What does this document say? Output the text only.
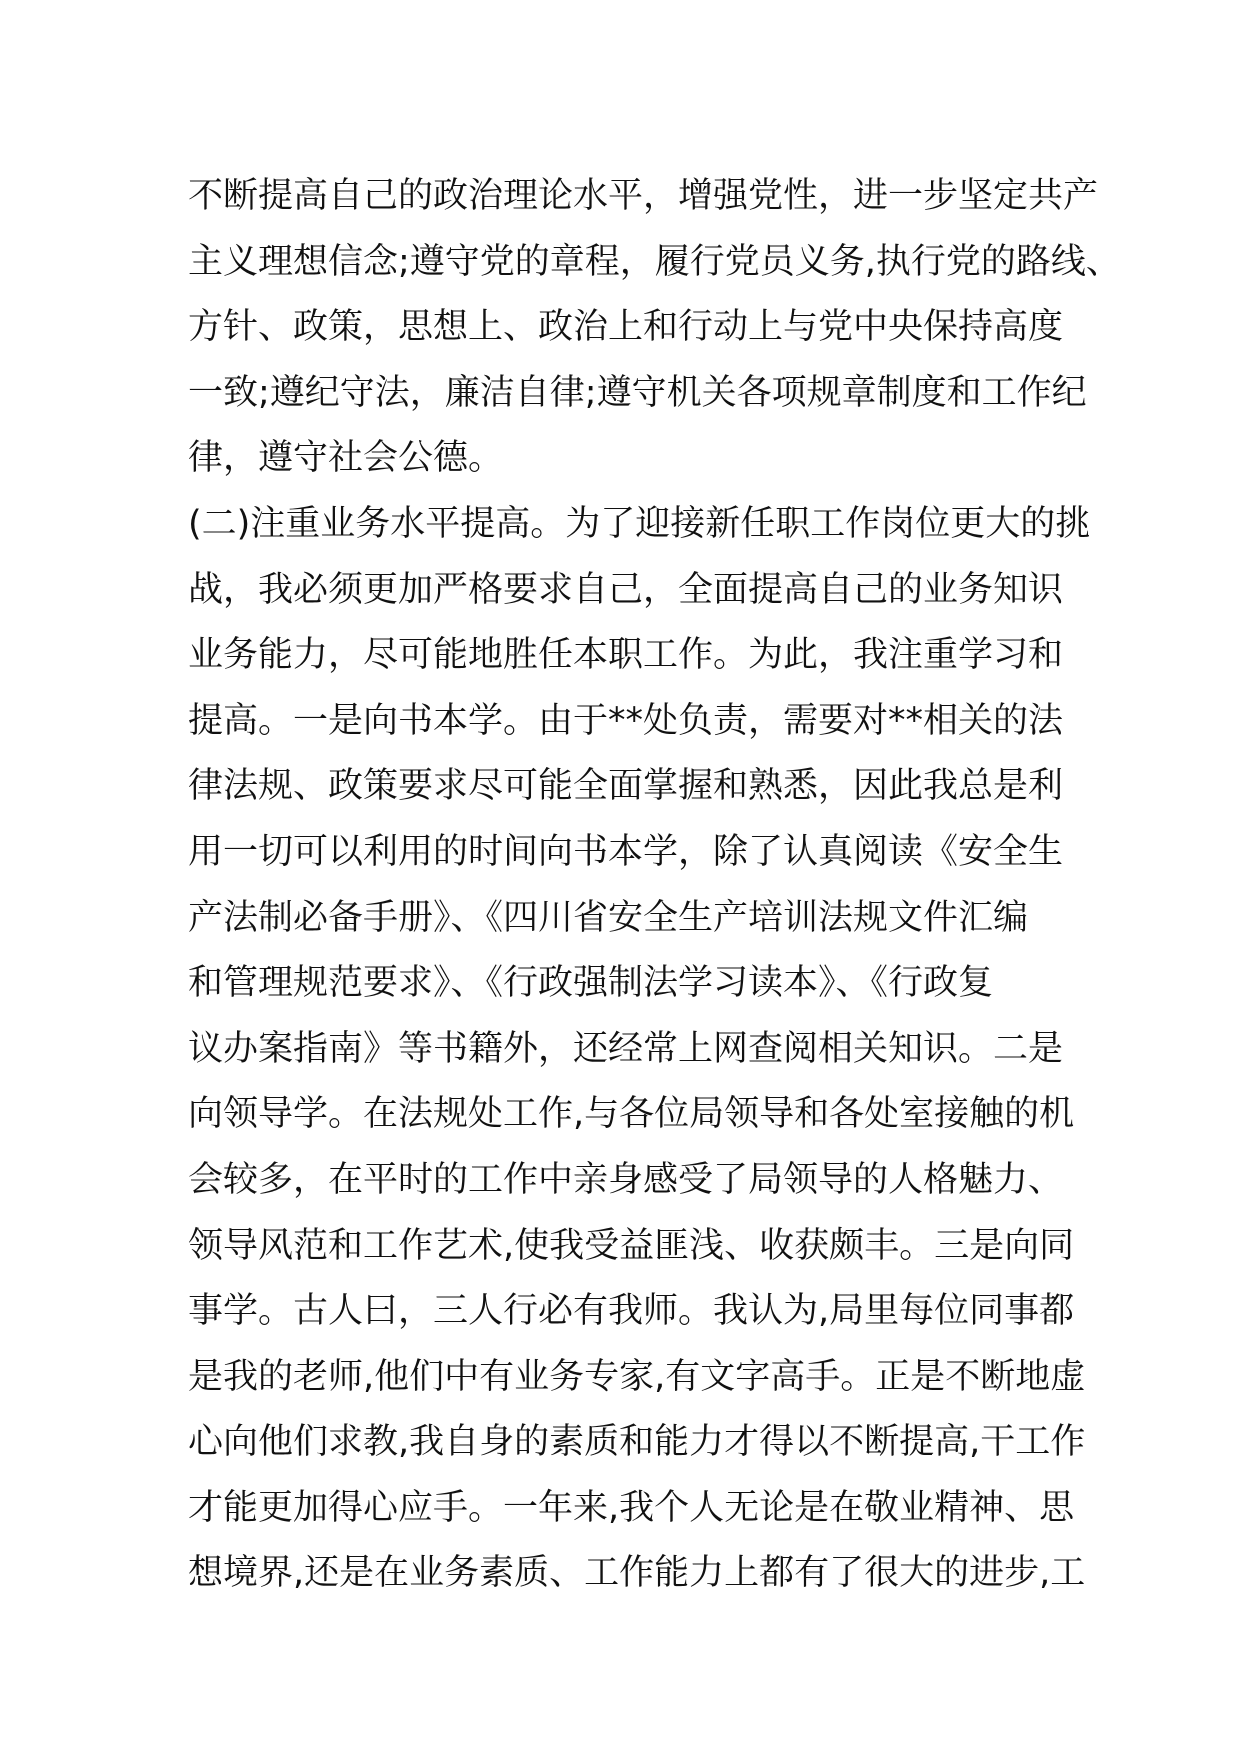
不断提高自己的政治理论水平，增强党性，进一步坚定共产
主义理想信念;遵守党的章程，履行党员义务,执行党的路线、
方针、政策，思想上、政治上和行动上与党中央保持高度
一致;遵纪守法，廉洁自律;遵守机关各项规章制度和工作纪
律，遵守社会公德。
(二)注重业务水平提高。为了迎接新任职工作岗位更大的挑
战，我必须更加严格要求自己，全面提高自己的业务知识
业务能力，尽可能地胜任本职工作。为此，我注重学习和
提高。一是向书本学。由于**处负责，需要对**相关的法
律法规、政策要求尽可能全面掌握和熟悉，因此我总是利
用一切可以利用的时间向书本学，除了认真阅读《安全生
产法制必备手册》、《四川省安全生产培训法规文件汇编
和管理规范要求》、《行政强制法学习读本》、《行政复
议办案指南》等书籍外，还经常上网查阅相关知识。二是
向领导学。在法规处工作,与各位局领导和各处室接触的机
会较多，在平时的工作中亲身感受了局领导的人格魅力、
领导风范和工作艺术,使我受益匪浅、收获颇丰。三是向同
事学。古人曰，三人行必有我师。我认为,局里每位同事都
是我的老师,他们中有业务专家,有文字高手。正是不断地虚
心向他们求教,我自身的素质和能力才得以不断提高,干工作
才能更加得心应手。一年来,我个人无论是在敬业精神、思
想境界,还是在业务素质、工作能力上都有了很大的进步,工
